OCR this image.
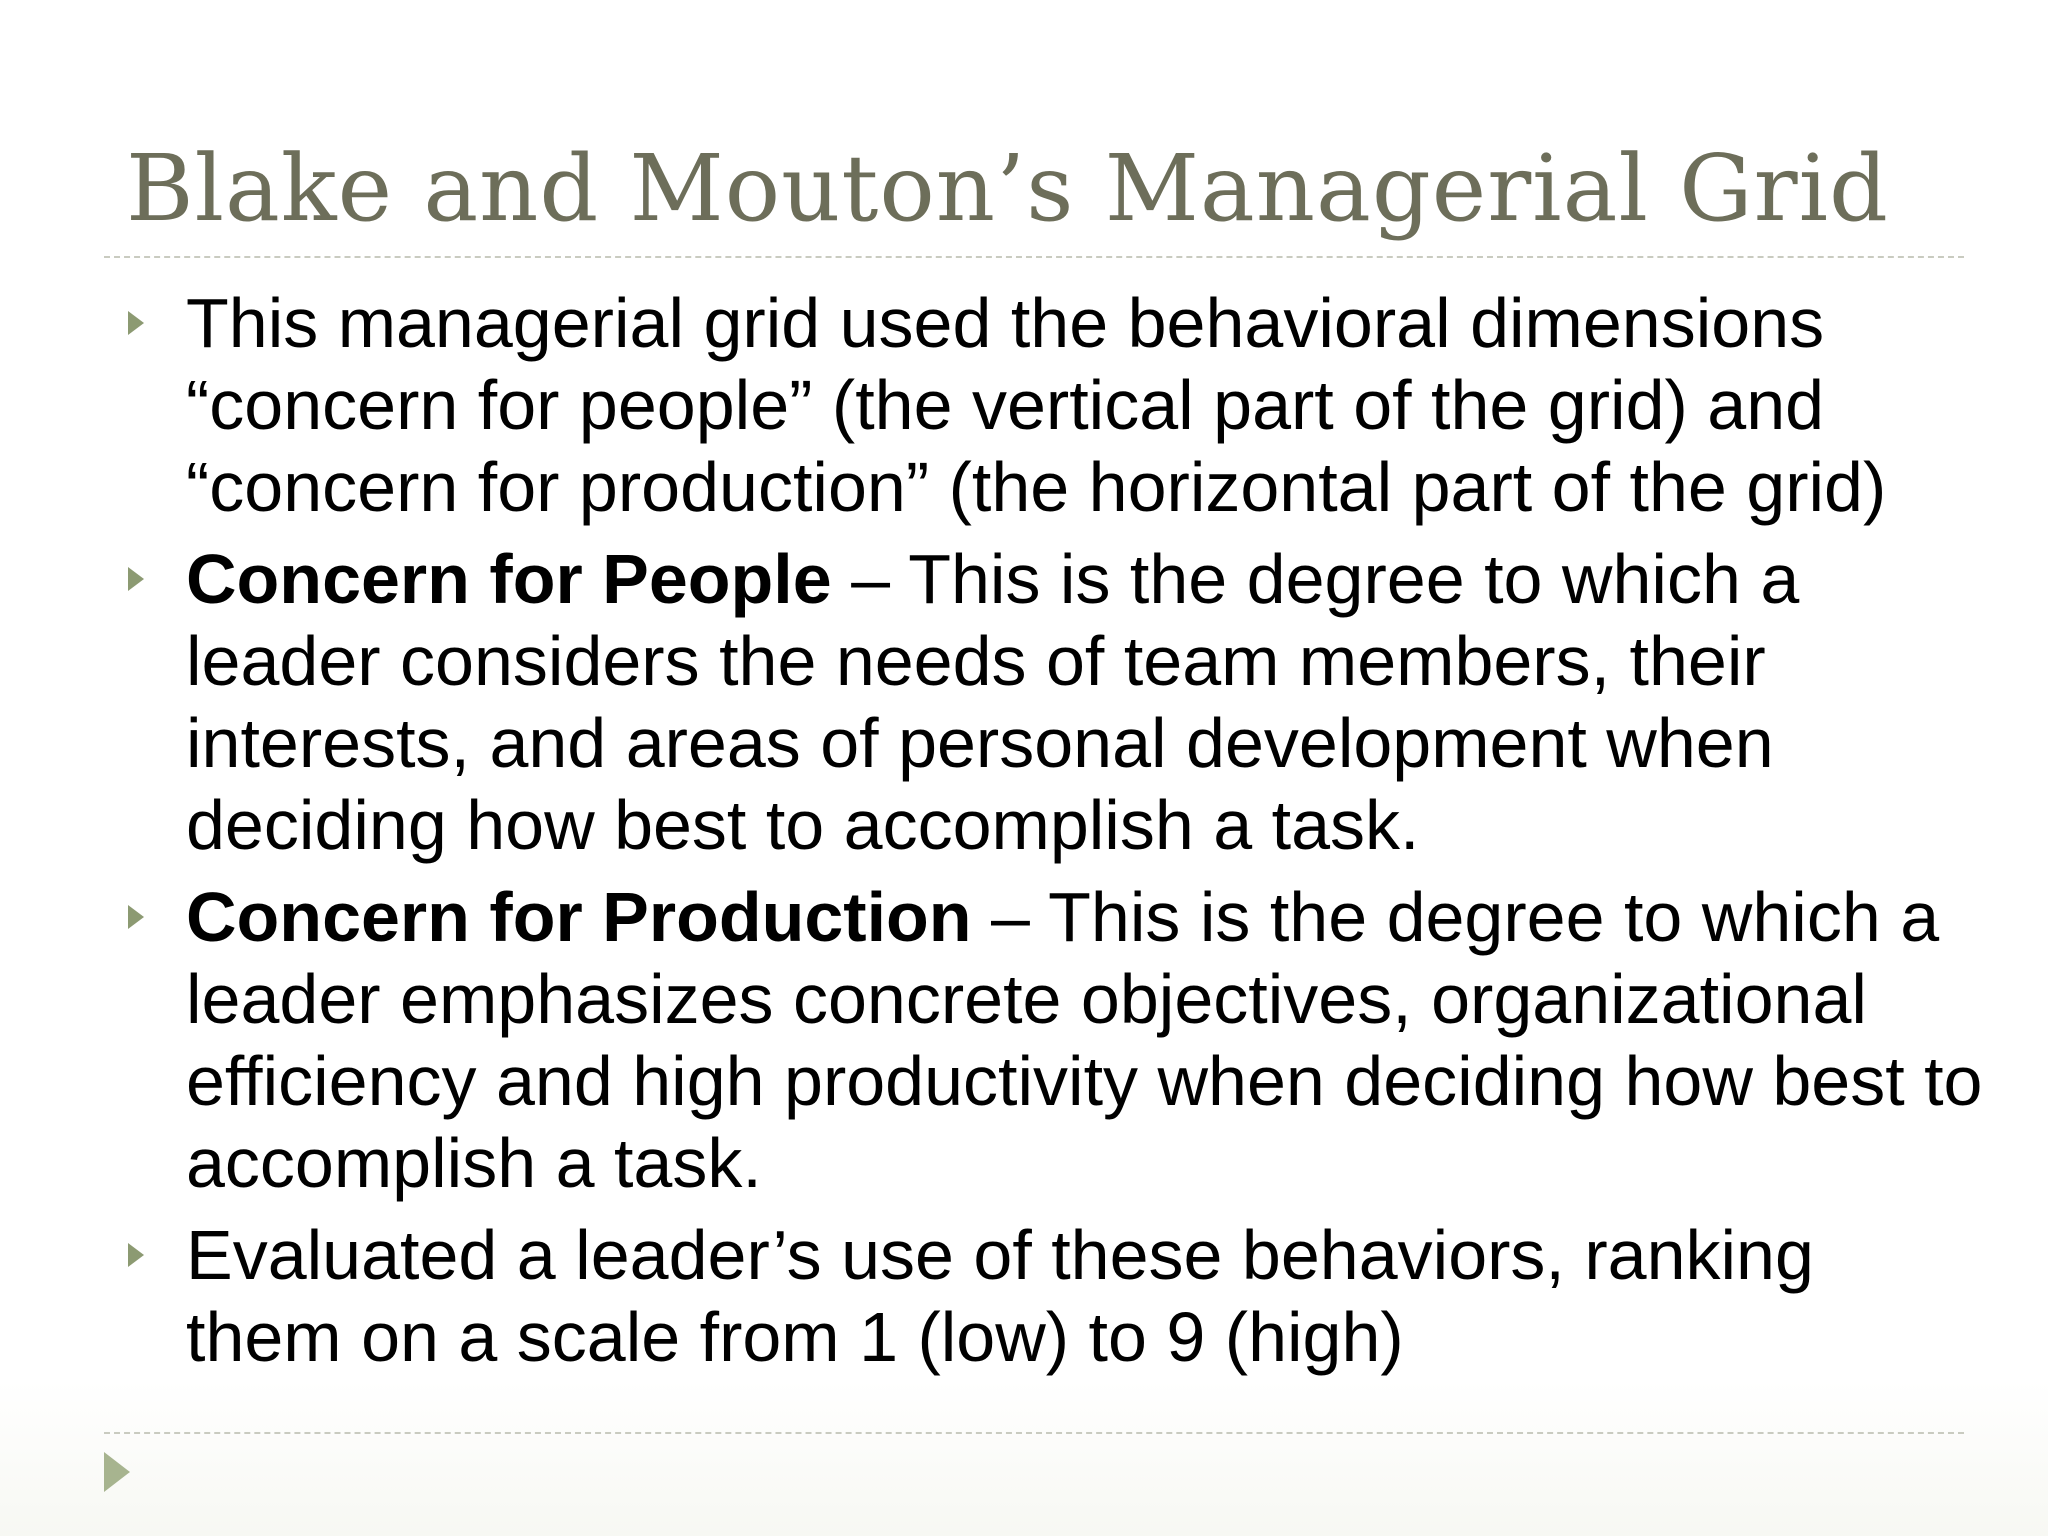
Blake and Mouton’s Managerial Grid
This managerial grid used the behavioral dimensions “concern for people” (the vertical part of the grid) and “concern for production” (the horizontal part of the grid)
Concern for People – This is the degree to which a leader considers the needs of team members, their interests, and areas of personal development when deciding how best to accomplish a task.
Concern for Production – This is the degree to which a leader emphasizes concrete objectives, organizational efficiency and high productivity when deciding how best to accomplish a task.
Evaluated a leader’s use of these behaviors, ranking them on a scale from 1 (low) to 9 (high)
